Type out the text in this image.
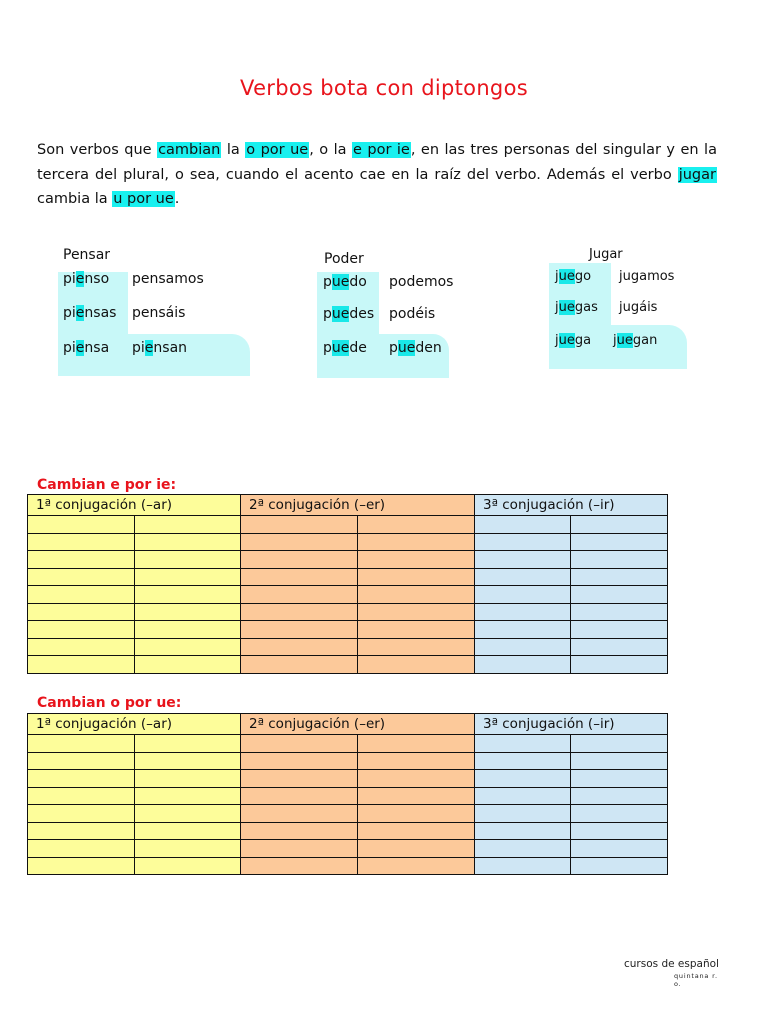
Verbos bota con diptongos
Son verbos que cambian la o por ue, o la e por ie, en las tres personas del singular y en la tercera del plural, o sea, cuando el acento cae en la raíz del verbo. Además el verbo jugar cambia la u por ue.
Pensar
pienso pensamos
piensas pensáis
piensa piensan
Poder
puedo podemos
puedes podéis
puede pueden
Jugar
juego jugamos
juegas jugáis
juega juegan
Cambian e por ie:
1ª conjugación (–ar)		2ª conjugación (–er)		3ª conjugación (–ir)	

Cambian o por ue:
1ª conjugación (–ar)		2ª conjugación (–er)		3ª conjugación (–ir)	

cursos de español
quintana r. o.
